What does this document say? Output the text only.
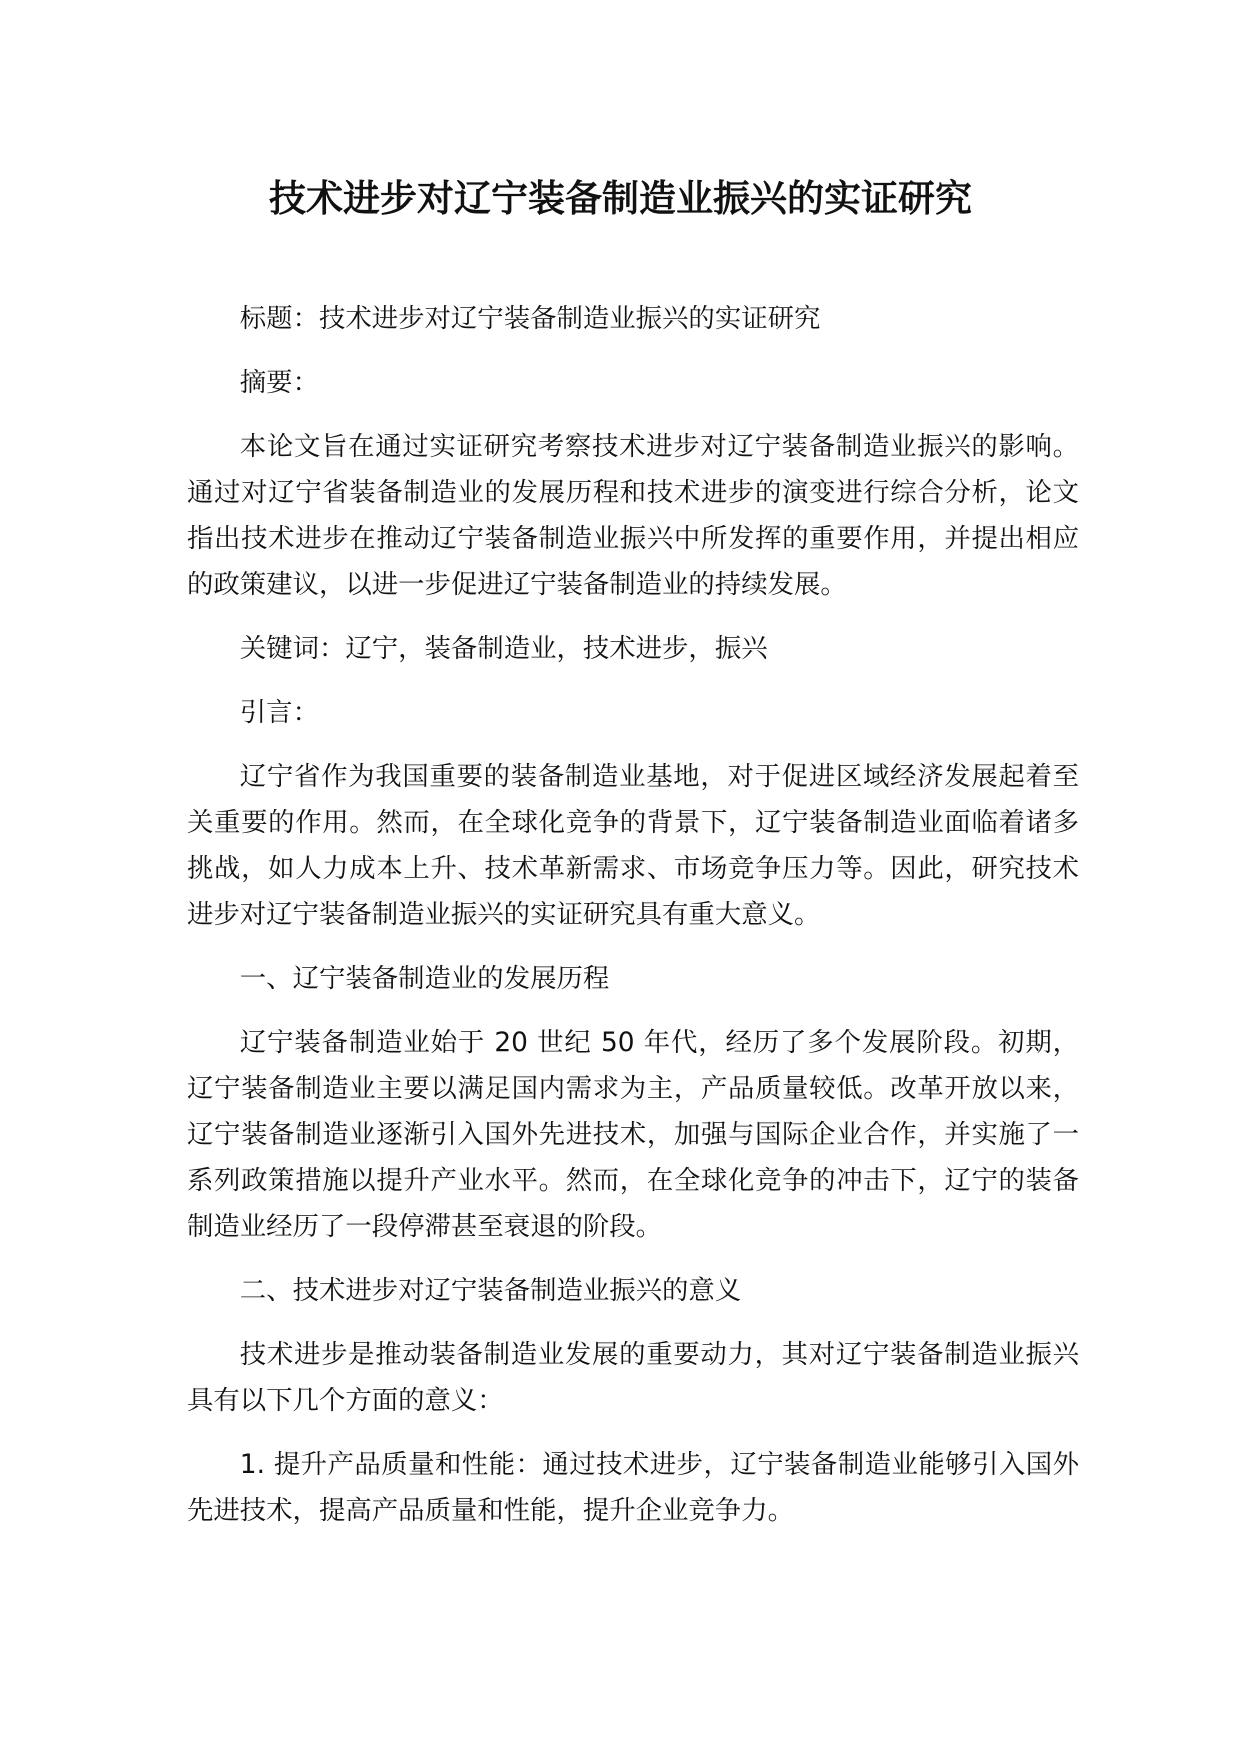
技术进步对辽宁装备制造业振兴的实证研究

标题：技术进步对辽宁装备制造业振兴的实证研究

摘要：

本论文旨在通过实证研究考察技术进步对辽宁装备制造业振兴的影响。通过对辽宁省装备制造业的发展历程和技术进步的演变进行综合分析，论文指出技术进步在推动辽宁装备制造业振兴中所发挥的重要作用，并提出相应的政策建议，以进一步促进辽宁装备制造业的持续发展。

关键词：辽宁，装备制造业，技术进步，振兴

引言：

辽宁省作为我国重要的装备制造业基地，对于促进区域经济发展起着至关重要的作用。然而，在全球化竞争的背景下，辽宁装备制造业面临着诸多挑战，如人力成本上升、技术革新需求、市场竞争压力等。因此，研究技术进步对辽宁装备制造业振兴的实证研究具有重大意义。

一、辽宁装备制造业的发展历程

辽宁装备制造业始于 20 世纪 50 年代，经历了多个发展阶段。初期，辽宁装备制造业主要以满足国内需求为主，产品质量较低。改革开放以来，辽宁装备制造业逐渐引入国外先进技术，加强与国际企业合作，并实施了一系列政策措施以提升产业水平。然而，在全球化竞争的冲击下，辽宁的装备制造业经历了一段停滞甚至衰退的阶段。

二、技术进步对辽宁装备制造业振兴的意义

技术进步是推动装备制造业发展的重要动力，其对辽宁装备制造业振兴具有以下几个方面的意义：

1. 提升产品质量和性能：通过技术进步，辽宁装备制造业能够引入国外先进技术，提高产品质量和性能，提升企业竞争力。
